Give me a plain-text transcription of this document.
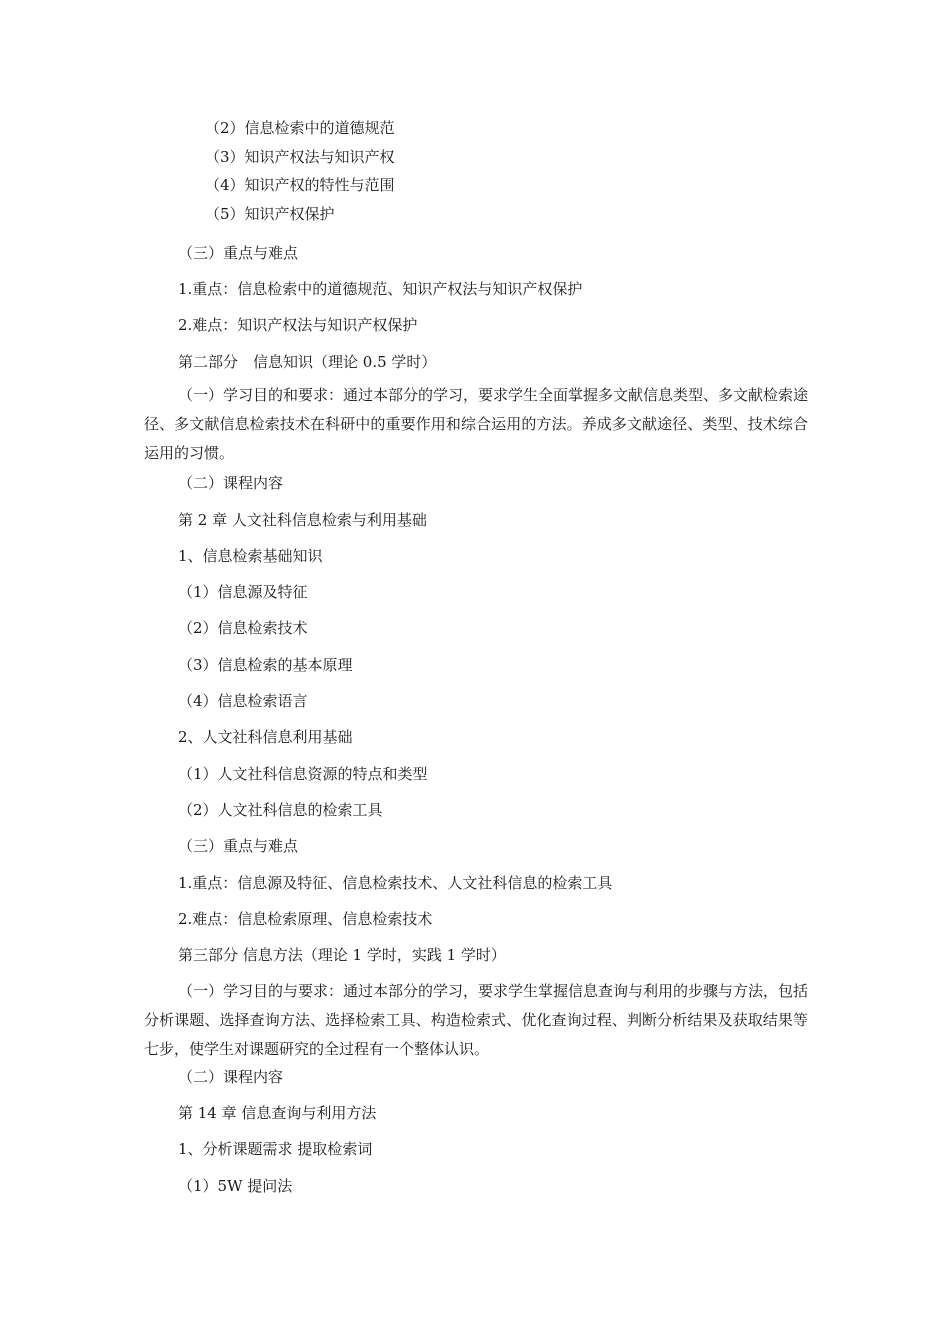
（2）信息检索中的道德规范
（3）知识产权法与知识产权
（4）知识产权的特性与范围
（5）知识产权保护
（三）重点与难点
1.重点：信息检索中的道德规范、知识产权法与知识产权保护
2.难点：知识产权法与知识产权保护
第二部分　信息知识（理论 0.5 学时）
（一）学习目的和要求：通过本部分的学习，要求学生全面掌握多文献信息类型、多文献检索途径、多文献信息检索技术在科研中的重要作用和综合运用的方法。养成多文献途径、类型、技术综合运用的习惯。
（二）课程内容
第 2 章 人文社科信息检索与利用基础
1、信息检索基础知识
（1）信息源及特征
（2）信息检索技术
（3）信息检索的基本原理
（4）信息检索语言
2、人文社科信息利用基础
（1）人文社科信息资源的特点和类型
（2）人文社科信息的检索工具
（三）重点与难点
1.重点：信息源及特征、信息检索技术、人文社科信息的检索工具
2.难点：信息检索原理、信息检索技术
第三部分 信息方法（理论 1 学时，实践 1 学时）
（一）学习目的与要求：通过本部分的学习，要求学生掌握信息查询与利用的步骤与方法，包括分析课题、选择查询方法、选择检索工具、构造检索式、优化查询过程、判断分析结果及获取结果等七步，使学生对课题研究的全过程有一个整体认识。
（二）课程内容
第 14 章 信息查询与利用方法
1、分析课题需求 提取检索词
（1）5W 提问法
